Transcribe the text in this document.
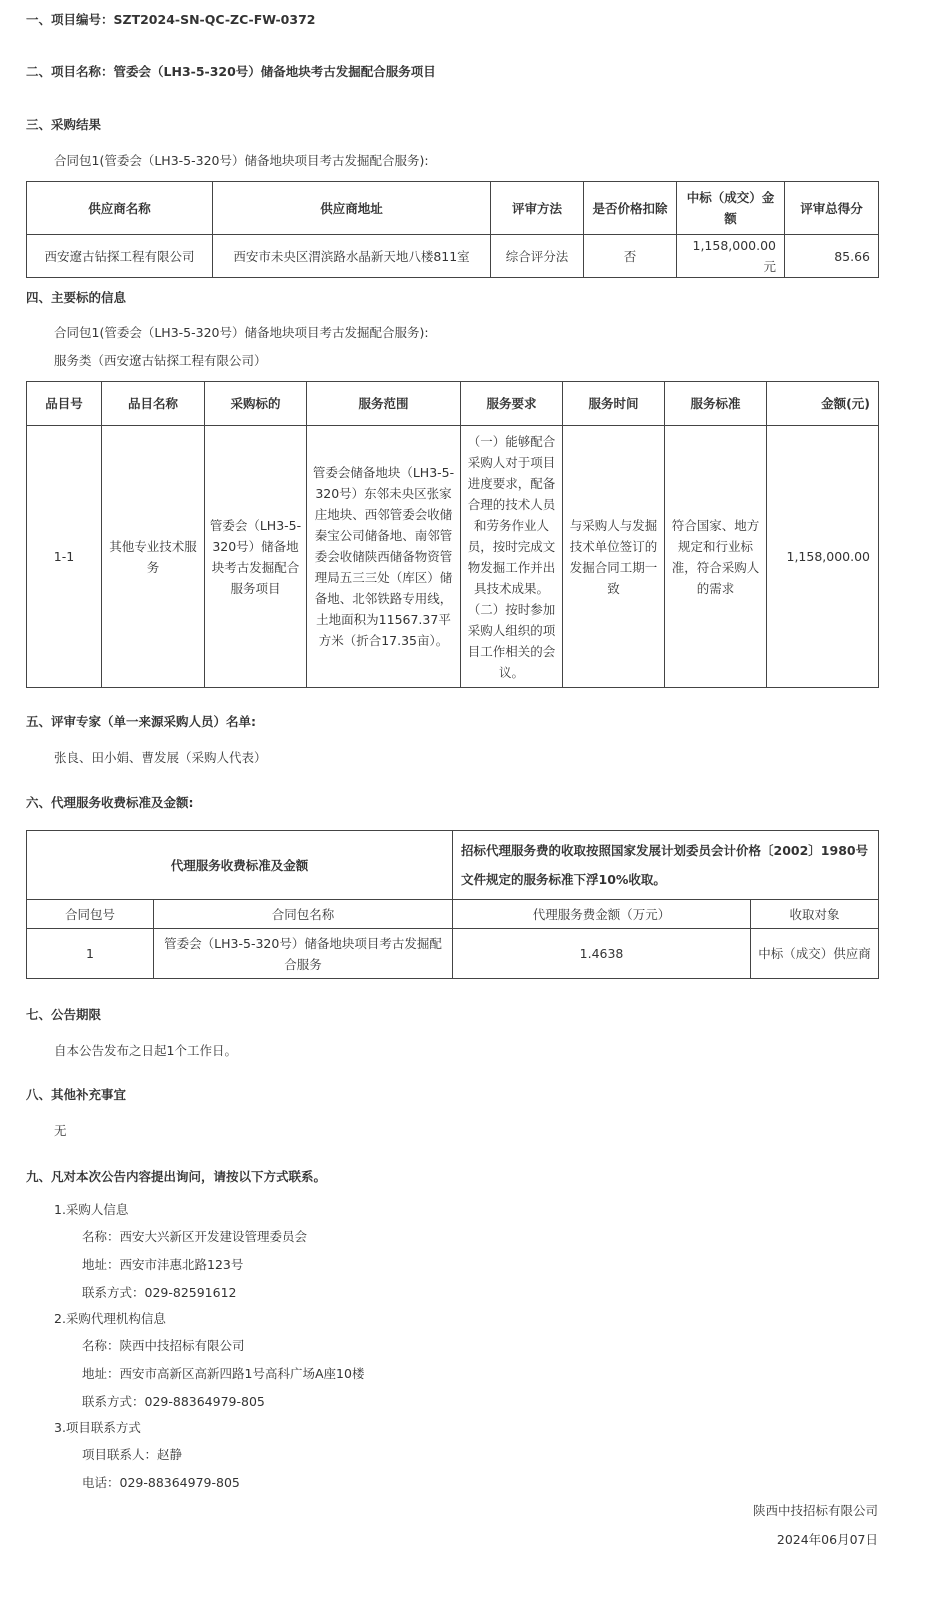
一、项目编号：SZT2024-SN-QC-ZC-FW-0372
二、项目名称：管委会（LH3-5-320号）储备地块考古发掘配合服务项目
三、采购结果
合同包1(管委会（LH3-5-320号）储备地块项目考古发掘配合服务):
供应商名称	供应商地址	评审方法	是否价格扣除	中标（成交）金额	评审总得分
西安遼古钻探工程有限公司	西安市未央区渭滨路水晶新天地八楼811室	综合评分法	否	1,158,000.00元	85.66
四、主要标的信息
合同包1(管委会（LH3-5-320号）储备地块项目考古发掘配合服务):
服务类（西安遼古钻探工程有限公司）
品目号	品目名称	采购标的	服务范围	服务要求	服务时间	服务标准	金额(元)
1-1	其他专业技术服务	管委会（LH3-5-320号）储备地块考古发掘配合服务项目	管委会储备地块（LH3-5-320号）东邻未央区张家庄地块、西邻管委会收储秦宝公司储备地、南邻管委会收储陕西储备物资管理局五三三处（库区）储备地、北邻铁路专用线，土地面积为11567.37平方米（折合17.35亩）。	（一）能够配合采购人对于项目进度要求，配备合理的技术人员和劳务作业人员，按时完成文物发掘工作并出具技术成果。（二）按时参加采购人组织的项目工作相关的会议。	与采购人与发掘技术单位签订的发掘合同工期一致	符合国家、地方规定和行业标准，符合采购人的需求	1,158,000.00
五、评审专家（单一来源采购人员）名单:
张良、田小娟、曹发展（采购人代表）
六、代理服务收费标准及金额:
代理服务收费标准及金额		招标代理服务费的收取按照国家发展计划委员会计价格〔2002〕1980号文件规定的服务标准下浮10%收取。	
合同包号	合同包名称	代理服务费金额（万元）	收取对象
1	管委会（LH3-5-320号）储备地块项目考古发掘配合服务	1.4638	中标（成交）供应商
七、公告期限
自本公告发布之日起1个工作日。
八、其他补充事宜
无
九、凡对本次公告内容提出询问，请按以下方式联系。
1.采购人信息
名称：西安大兴新区开发建设管理委员会
地址：西安市沣惠北路123号
联系方式：029-82591612
2.采购代理机构信息
名称：陕西中技招标有限公司
地址：西安市高新区高新四路1号高科广场A座10楼
联系方式：029-88364979-805
3.项目联系方式
项目联系人：赵静
电话：029-88364979-805
陕西中技招标有限公司
2024年06月07日
